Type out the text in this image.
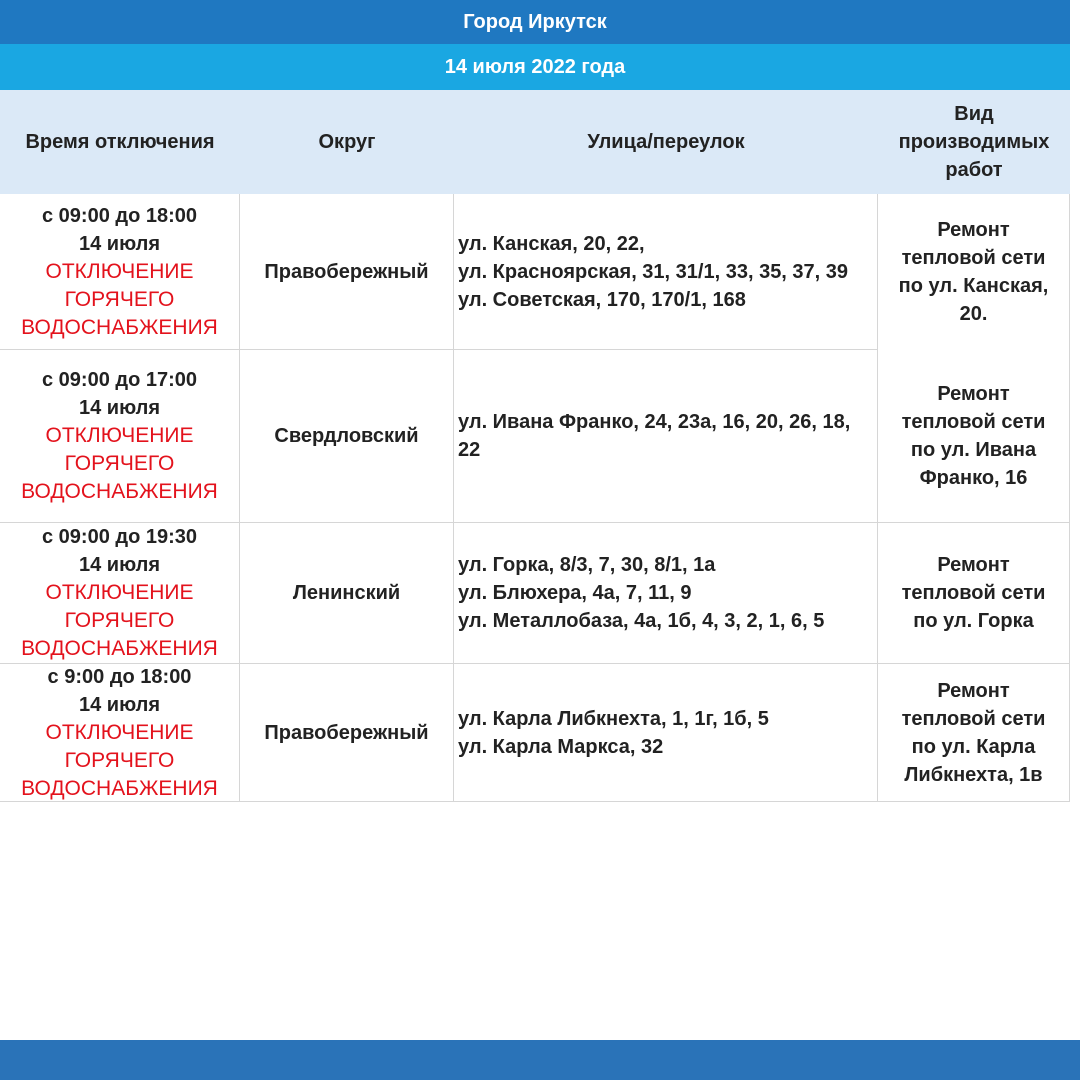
Город Иркутск
14 июля 2022 года
Время отключения	Округ	Улица/переулок
Вид
производимых
работ
с 09:00 до 18:00
14 июля
ОТКЛЮЧЕНИЕ
ГОРЯЧЕГО
ВОДОСНАБЖЕНИЯ
Правобережный
ул. Канская, 20, 22,
ул. Красноярская, 31, 31/1, 33, 35, 37, 39
ул. Советская, 170, 170/1, 168
Ремонт
тепловой сети
по ул. Канская,
20.
с 09:00 до 17:00
14 июля
ОТКЛЮЧЕНИЕ
ГОРЯЧЕГО
ВОДОСНАБЖЕНИЯ
Свердловский
ул. Ивана Франко, 24, 23а, 16, 20, 26, 18,
22
Ремонт
тепловой сети
по ул. Ивана
Франко, 16
с 09:00 до 19:30
14 июля
ОТКЛЮЧЕНИЕ
ГОРЯЧЕГО
ВОДОСНАБЖЕНИЯ
Ленинский
ул. Горка, 8/3, 7, 30, 8/1, 1а
ул. Блюхера, 4а, 7, 11, 9
ул. Металлобаза, 4а, 1б, 4, 3, 2, 1, 6, 5
Ремонт
тепловой сети
по ул. Горка
с 9:00 до 18:00
14 июля
ОТКЛЮЧЕНИЕ
ГОРЯЧЕГО
ВОДОСНАБЖЕНИЯ
Правобережный
ул. Карла Либкнехта, 1, 1г, 1б, 5
ул. Карла Маркса, 32
Ремонт
тепловой сети
по ул. Карла
Либкнехта, 1в
